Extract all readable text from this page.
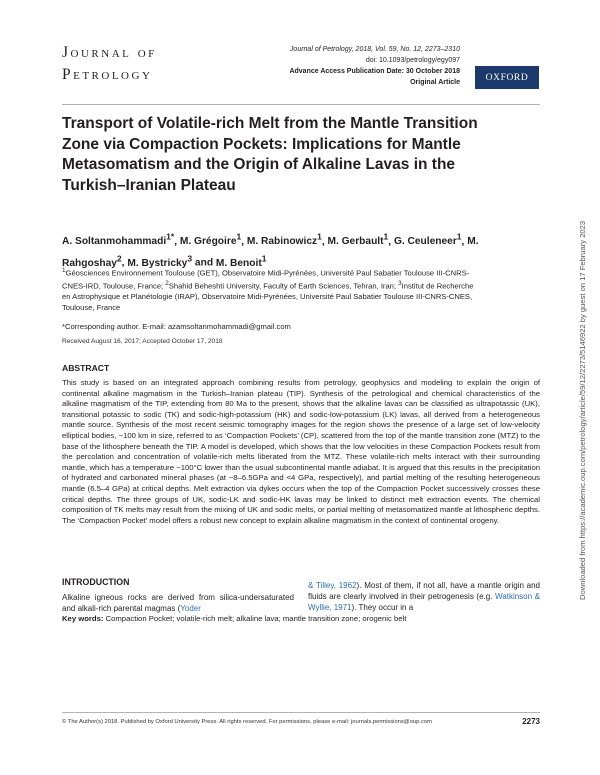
Journal of
Petrology
Journal of Petrology, 2018, Vol. 59, No. 12, 2273–2310
doi: 10.1093/petrology/egy097
Advance Access Publication Date: 30 October 2018
Original Article	OXFORD
Transport of Volatile-rich Melt from the Mantle Transition Zone via Compaction Pockets: Implications for Mantle Metasomatism and the Origin of Alkaline Lavas in the Turkish–Iranian Plateau
A. Soltanmohammadi$^{1*}$, M. Grégoire$^1$, M. Rabinowicz$^1$, M. Gerbault$^1$, G. Ceuleneer$^1$, M. Rahgoshay$^2$, M. Bystricky$^3$ and M. Benoit$^1$
$^1$Géosciences Environnement Toulouse (GET), Observatoire Midi-Pyrénées, Université Paul Sabatier Toulouse III-CNRS-CNES-IRD, Toulouse, France; $^2$Shahid Beheshti University, Faculty of Earth Sciences, Tehran, Iran; $^3$Institut de Recherche en Astrophysique et Planétologie (IRAP), Observatoire Midi-Pyrénées, Université Paul Sabatier Toulouse III-CNRS-CNES, Toulouse, France
*Corresponding author. E-mail: azamsoltanmohammadi@gmail.com
Received August 16, 2017; Accepted October 17, 2018
ABSTRACT
This study is based on an integrated approach combining results from petrology, geophysics and modeling to explain the origin of continental alkaline magmatism in the Turkish–Iranian plateau (TIP). Synthesis of the petrological and chemical characteristics of the alkaline magmatism of the TIP, extending from 80 Ma to the present, shows that the alkaline lavas can be classified as ultrapotassic (UK), transitional potassic to sodic (TK) and sodic-high-potassium (HK) and sodic-low-potassium (LK) lavas, all derived from a heterogeneous mantle source. Synthesis of the most recent seismic tomography images for the region shows the presence of a large set of low-velocity elliptical bodies, ~100 km in size, referred to as ‘Compaction Pockets’ (CP), scattered from the top of the mantle transition zone (MTZ) to the base of the lithosphere beneath the TIP. A model is developed, which shows that the low velocities in these Compaction Pockets result from the percolation and concentration of volatile-rich melts liberated from the MTZ. These volatile-rich melts interact with their surrounding mantle, which has a temperature ~100°C lower than the usual subcontinental mantle adiabat. It is argued that this results in the precipitation of hydrated and carbonated mineral phases (at ~8–6.5GPa and <4 GPa, respectively), and partial melting of the resulting heterogeneous mantle (6.5–4 GPa) at critical depths. Melt extraction via dykes occurs when the top of the Compaction Pocket successively crosses these critical depths. The three groups of UK, sodic-LK and sodic-HK lavas may be linked to distinct melt extraction events. The chemical composition of TK melts may result from the mixing of UK and sodic melts, or partial melting of metasomatized mantle at lithospheric depths. The ‘Compaction Pocket’ model offers a robust new concept to explain alkaline magmatism in the context of continental orogeny.
Key words: Compaction Pocket; volatile-rich melt; alkaline lava; mantle transition zone; orogenic belt
INTRODUCTION
Alkaline igneous rocks are derived from silica-undersaturated and alkali-rich parental magmas (Yoder
& Tilley, 1962). Most of them, if not all, have a mantle origin and fluids are clearly involved in their petrogenesis (e.g. Watkinson & Wyllie, 1971). They occur in a
© The Author(s) 2018. Published by Oxford University Press. All rights reserved. For permissions, please e-mail: journals.permissions@oup.com	2273
Downloaded from https://academic.oup.com/petrology/article/59/12/2273/5146922 by guest on 17 February 2023
